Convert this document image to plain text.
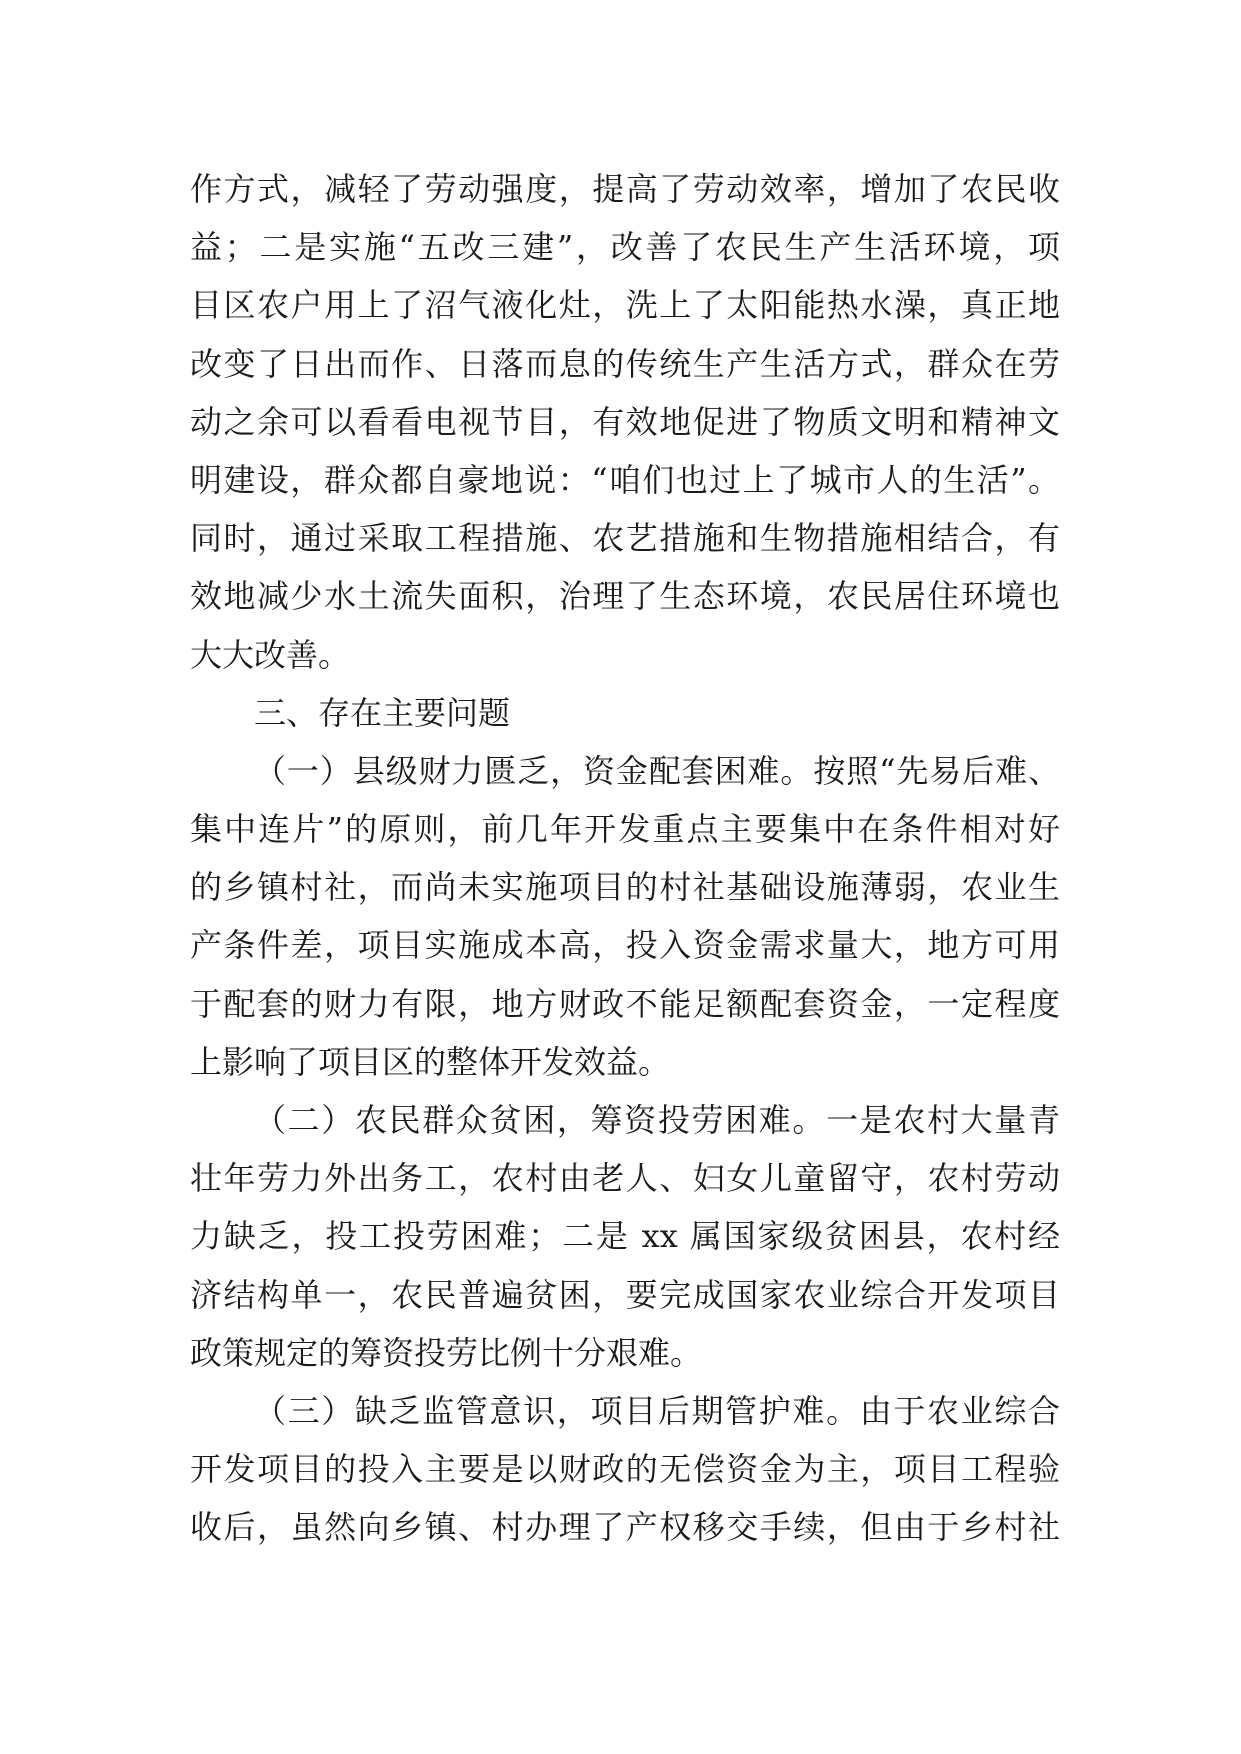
作方式，减轻了劳动强度，提高了劳动效率，增加了农民收
益；二是实施“五改三建”，改善了农民生产生活环境，项
目区农户用上了沼气液化灶，洗上了太阳能热水澡，真正地
改变了日出而作、日落而息的传统生产生活方式，群众在劳
动之余可以看看电视节目，有效地促进了物质文明和精神文
明建设，群众都自豪地说：“咱们也过上了城市人的生活”。
同时，通过采取工程措施、农艺措施和生物措施相结合，有
效地减少水土流失面积，治理了生态环境，农民居住环境也
大大改善。
三、存在主要问题
（一）县级财力匮乏，资金配套困难。按照“先易后难、
集中连片”的原则，前几年开发重点主要集中在条件相对好
的乡镇村社，而尚未实施项目的村社基础设施薄弱，农业生
产条件差，项目实施成本高，投入资金需求量大，地方可用
于配套的财力有限，地方财政不能足额配套资金，一定程度
上影响了项目区的整体开发效益。
（二）农民群众贫困，筹资投劳困难。一是农村大量青
壮年劳力外出务工，农村由老人、妇女儿童留守，农村劳动
力缺乏，投工投劳困难；二是 xx 属国家级贫困县，农村经
济结构单一，农民普遍贫困，要完成国家农业综合开发项目
政策规定的筹资投劳比例十分艰难。
（三）缺乏监管意识，项目后期管护难。由于农业综合
开发项目的投入主要是以财政的无偿资金为主，项目工程验
收后，虽然向乡镇、村办理了产权移交手续，但由于乡村社
